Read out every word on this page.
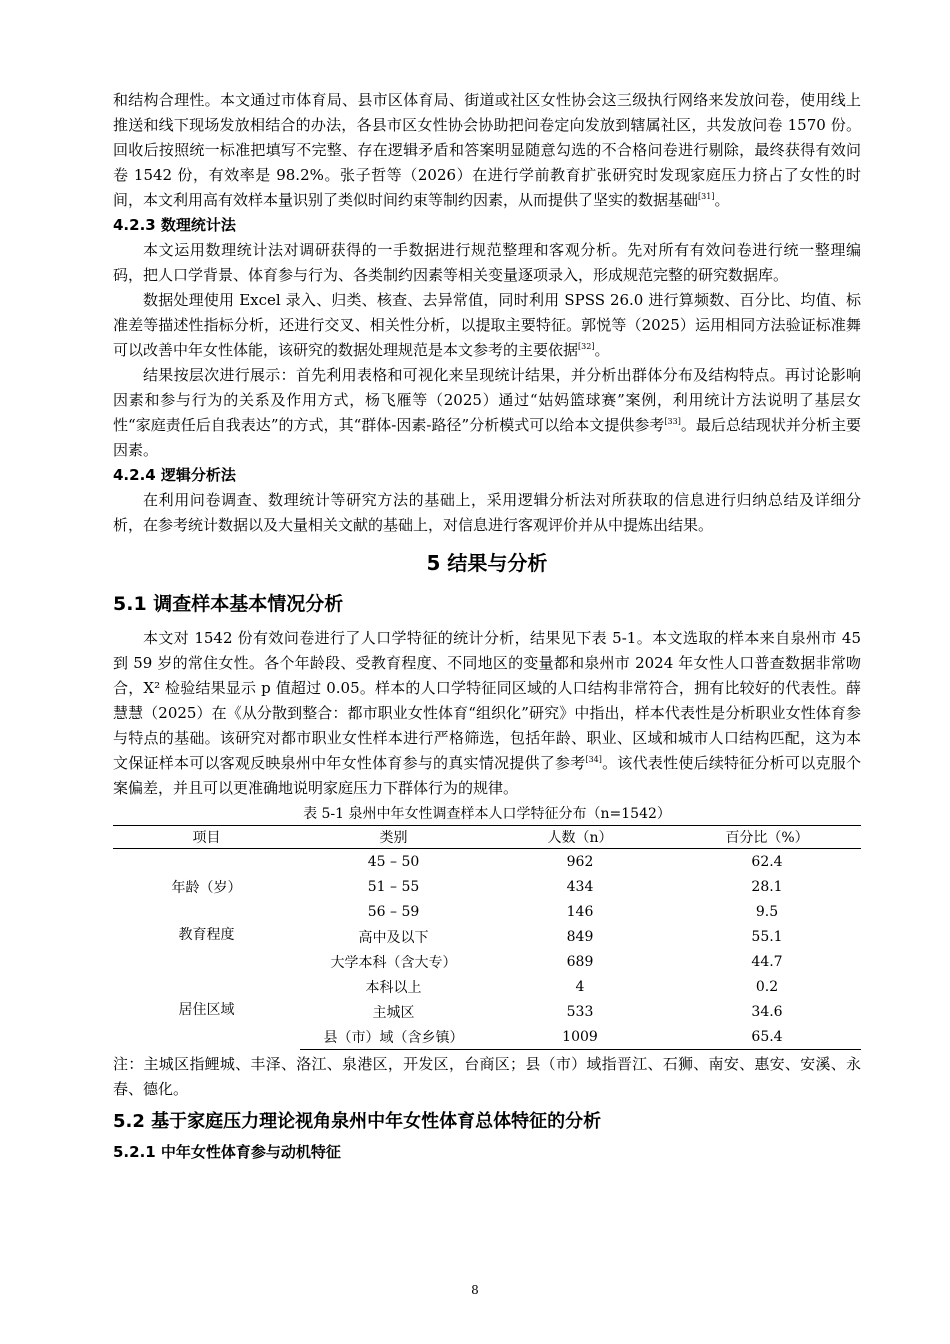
和结构合理性。本文通过市体育局、县市区体育局、街道或社区女性协会这三级执行网络来发放问卷，使用线上推送和线下现场发放相结合的办法，各县市区女性协会协助把问卷定向发放到辖属社区，共发放问卷 1570 份。回收后按照统一标准把填写不完整、存在逻辑矛盾和答案明显随意勾选的不合格问卷进行剔除，最终获得有效问卷 1542 份，有效率是 98.2%。张子哲等（2026）在进行学前教育扩张研究时发现家庭压力挤占了女性的时间，本文利用高有效样本量识别了类似时间约束等制约因素，从而提供了坚实的数据基础[31]。

4.2.3 数理统计法

本文运用数理统计法对调研获得的一手数据进行规范整理和客观分析。先对所有有效问卷进行统一整理编码，把人口学背景、体育参与行为、各类制约因素等相关变量逐项录入，形成规范完整的研究数据库。

数据处理使用 Excel 录入、归类、核查、去异常值，同时利用 SPSS 26.0 进行算频数、百分比、均值、标准差等描述性指标分析，还进行交叉、相关性分析，以提取主要特征。郭悦等（2025）运用相同方法验证标准舞可以改善中年女性体能，该研究的数据处理规范是本文参考的主要依据[32]。

结果按层次进行展示：首先利用表格和可视化来呈现统计结果，并分析出群体分布及结构特点。再讨论影响因素和参与行为的关系及作用方式，杨飞雁等（2025）通过“姑妈篮球赛”案例，利用统计方法说明了基层女性“家庭责任后自我表达”的方式，其“群体-因素-路径”分析模式可以给本文提供参考[33]。最后总结现状并分析主要因素。

4.2.4 逻辑分析法

在利用问卷调查、数理统计等研究方法的基础上，采用逻辑分析法对所获取的信息进行归纳总结及详细分析，在参考统计数据以及大量相关文献的基础上，对信息进行客观评价并从中提炼出结果。

5 结果与分析
5.1 调查样本基本情况分析

本文对 1542 份有效问卷进行了人口学特征的统计分析，结果见下表 5-1。本文选取的样本来自泉州市 45 到 59 岁的常住女性。各个年龄段、受教育程度、不同地区的变量都和泉州市 2024 年女性人口普查数据非常吻合，Χ² 检验结果显示 p 值超过 0.05。样本的人口学特征同区域的人口结构非常符合，拥有比较好的代表性。薛慧慧（2025）在《从分散到整合：都市职业女性体育“组织化”研究》中指出，样本代表性是分析职业女性体育参与特点的基础。该研究对都市职业女性样本进行严格筛选，包括年龄、职业、区域和城市人口结构匹配，这为本文保证样本可以客观反映泉州中年女性体育参与的真实情况提供了参考[34]。该代表性使后续特征分析可以克服个案偏差，并且可以更准确地说明家庭压力下群体行为的规律。

表 5-1 泉州中年女性调查样本人口学特征分布（n=1542）
项目	类别	人数（n）	百分比（%）
年龄（岁）	45 – 50	962	62.4
	51 – 55	434	28.1
	56 – 59	146	9.5
教育程度	高中及以下	849	55.1
	大学本科（含大专）	689	44.7
	本科以上	4	0.2
居住区域	主城区	533	34.6
	县（市）域（含乡镇）	1009	65.4

注：主城区指鲤城、丰泽、洛江、泉港区，开发区，台商区；县（市）域指晋江、石狮、南安、惠安、安溪、永春、德化。

5.2 基于家庭压力理论视角泉州中年女性体育总体特征的分析
5.2.1 中年女性体育参与动机特征
8
